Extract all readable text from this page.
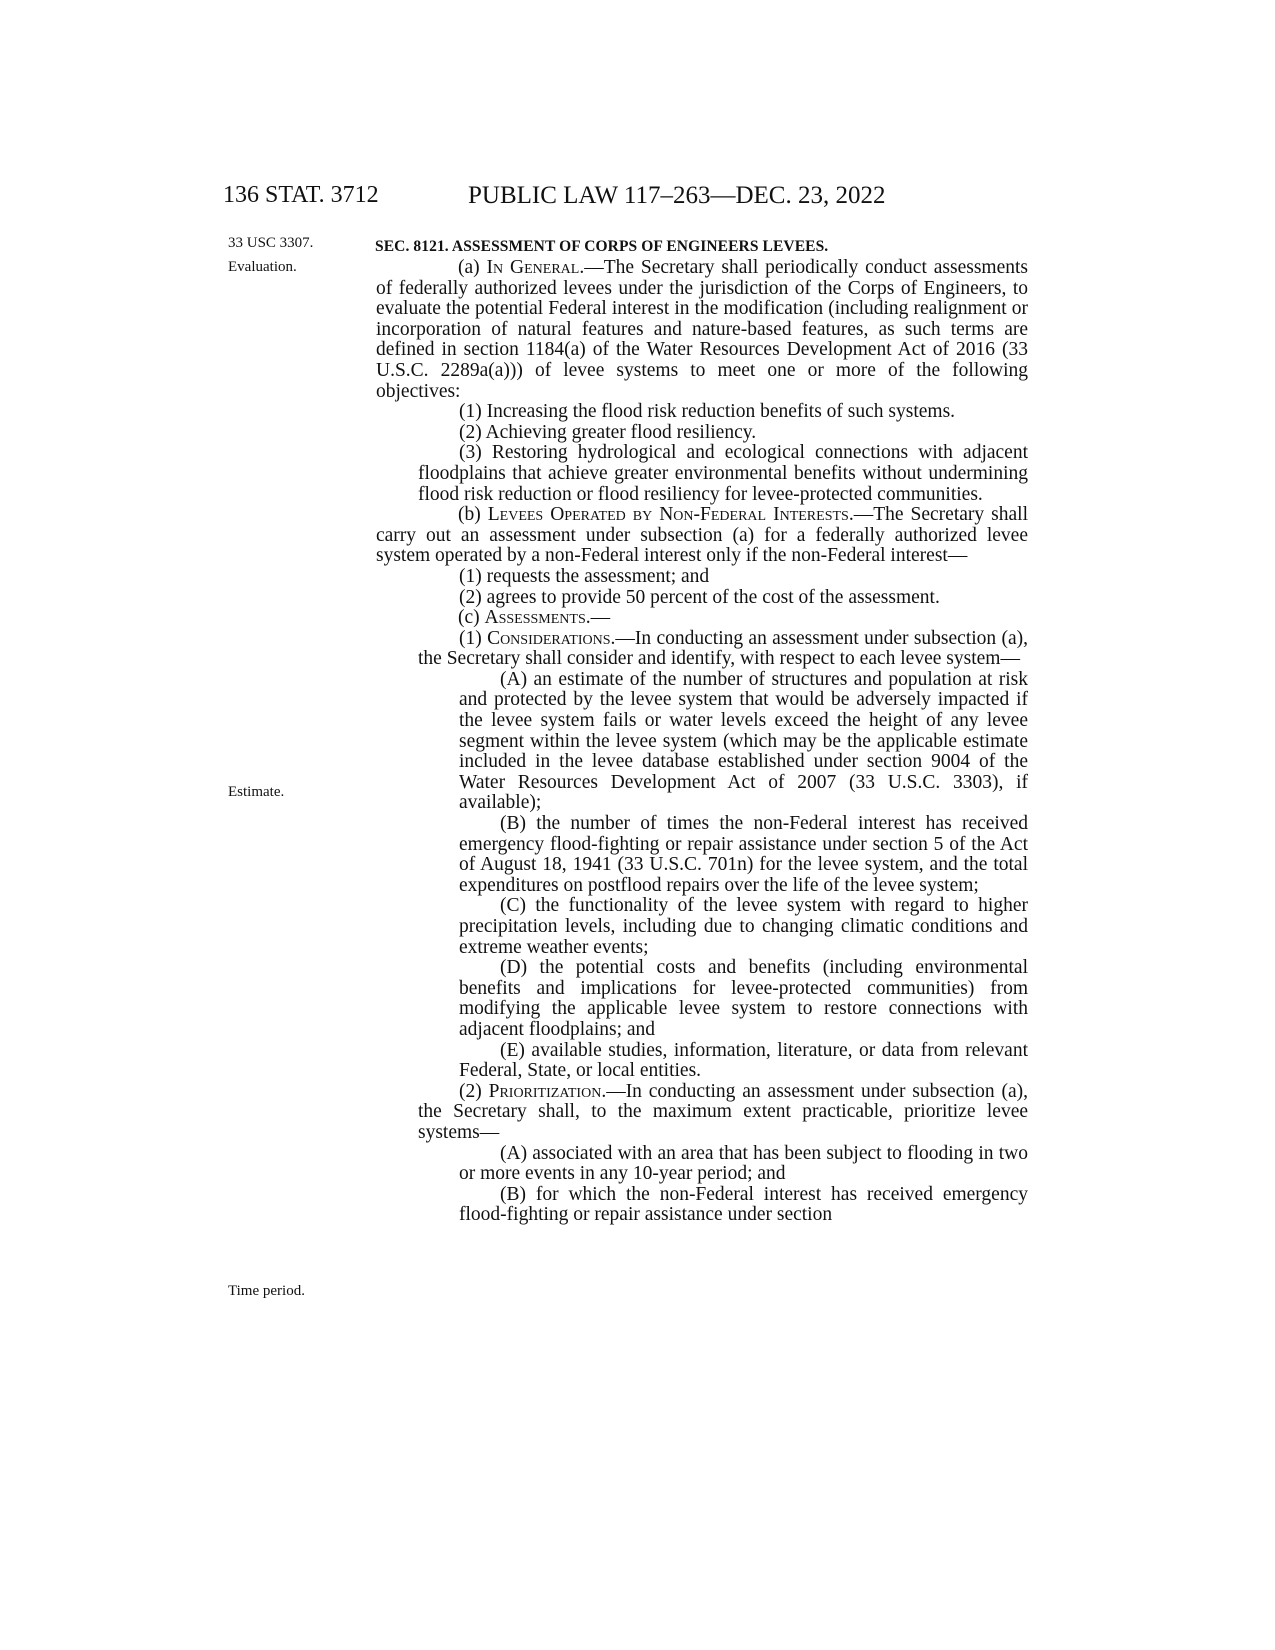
136 STAT. 3712	PUBLIC LAW 117–263—DEC. 23, 2022
33 USC 3307.
Evaluation.
Estimate.
Time period.
SEC. 8121. ASSESSMENT OF CORPS OF ENGINEERS LEVEES.

(a) In General.—The Secretary shall periodically conduct assessments of federally authorized levees under the jurisdiction of the Corps of Engineers, to evaluate the potential Federal interest in the modification (including realignment or incorporation of natural features and nature-based features, as such terms are defined in section 1184(a) of the Water Resources Development Act of 2016 (33 U.S.C. 2289a(a))) of levee systems to meet one or more of the following objectives:

(1) Increasing the flood risk reduction benefits of such systems.

(2) Achieving greater flood resiliency.

(3) Restoring hydrological and ecological connections with adjacent floodplains that achieve greater environmental benefits without undermining flood risk reduction or flood resiliency for levee-protected communities.

(b) Levees Operated by Non-Federal Interests.—The Secretary shall carry out an assessment under subsection (a) for a federally authorized levee system operated by a non-Federal interest only if the non-Federal interest—

(1) requests the assessment; and

(2) agrees to provide 50 percent of the cost of the assessment.

(c) Assessments.—

(1) Considerations.—In conducting an assessment under subsection (a), the Secretary shall consider and identify, with respect to each levee system—

(A) an estimate of the number of structures and population at risk and protected by the levee system that would be adversely impacted if the levee system fails or water levels exceed the height of any levee segment within the levee system (which may be the applicable estimate included in the levee database established under section 9004 of the Water Resources Development Act of 2007 (33 U.S.C. 3303), if available);

(B) the number of times the non-Federal interest has received emergency flood-fighting or repair assistance under section 5 of the Act of August 18, 1941 (33 U.S.C. 701n) for the levee system, and the total expenditures on postflood repairs over the life of the levee system;

(C) the functionality of the levee system with regard to higher precipitation levels, including due to changing climatic conditions and extreme weather events;

(D) the potential costs and benefits (including environmental benefits and implications for levee-protected communities) from modifying the applicable levee system to restore connections with adjacent floodplains; and

(E) available studies, information, literature, or data from relevant Federal, State, or local entities.

(2) Prioritization.—In conducting an assessment under subsection (a), the Secretary shall, to the maximum extent practicable, prioritize levee systems—

(A) associated with an area that has been subject to flooding in two or more events in any 10-year period; and

(B) for which the non-Federal interest has received emergency flood-fighting or repair assistance under section
